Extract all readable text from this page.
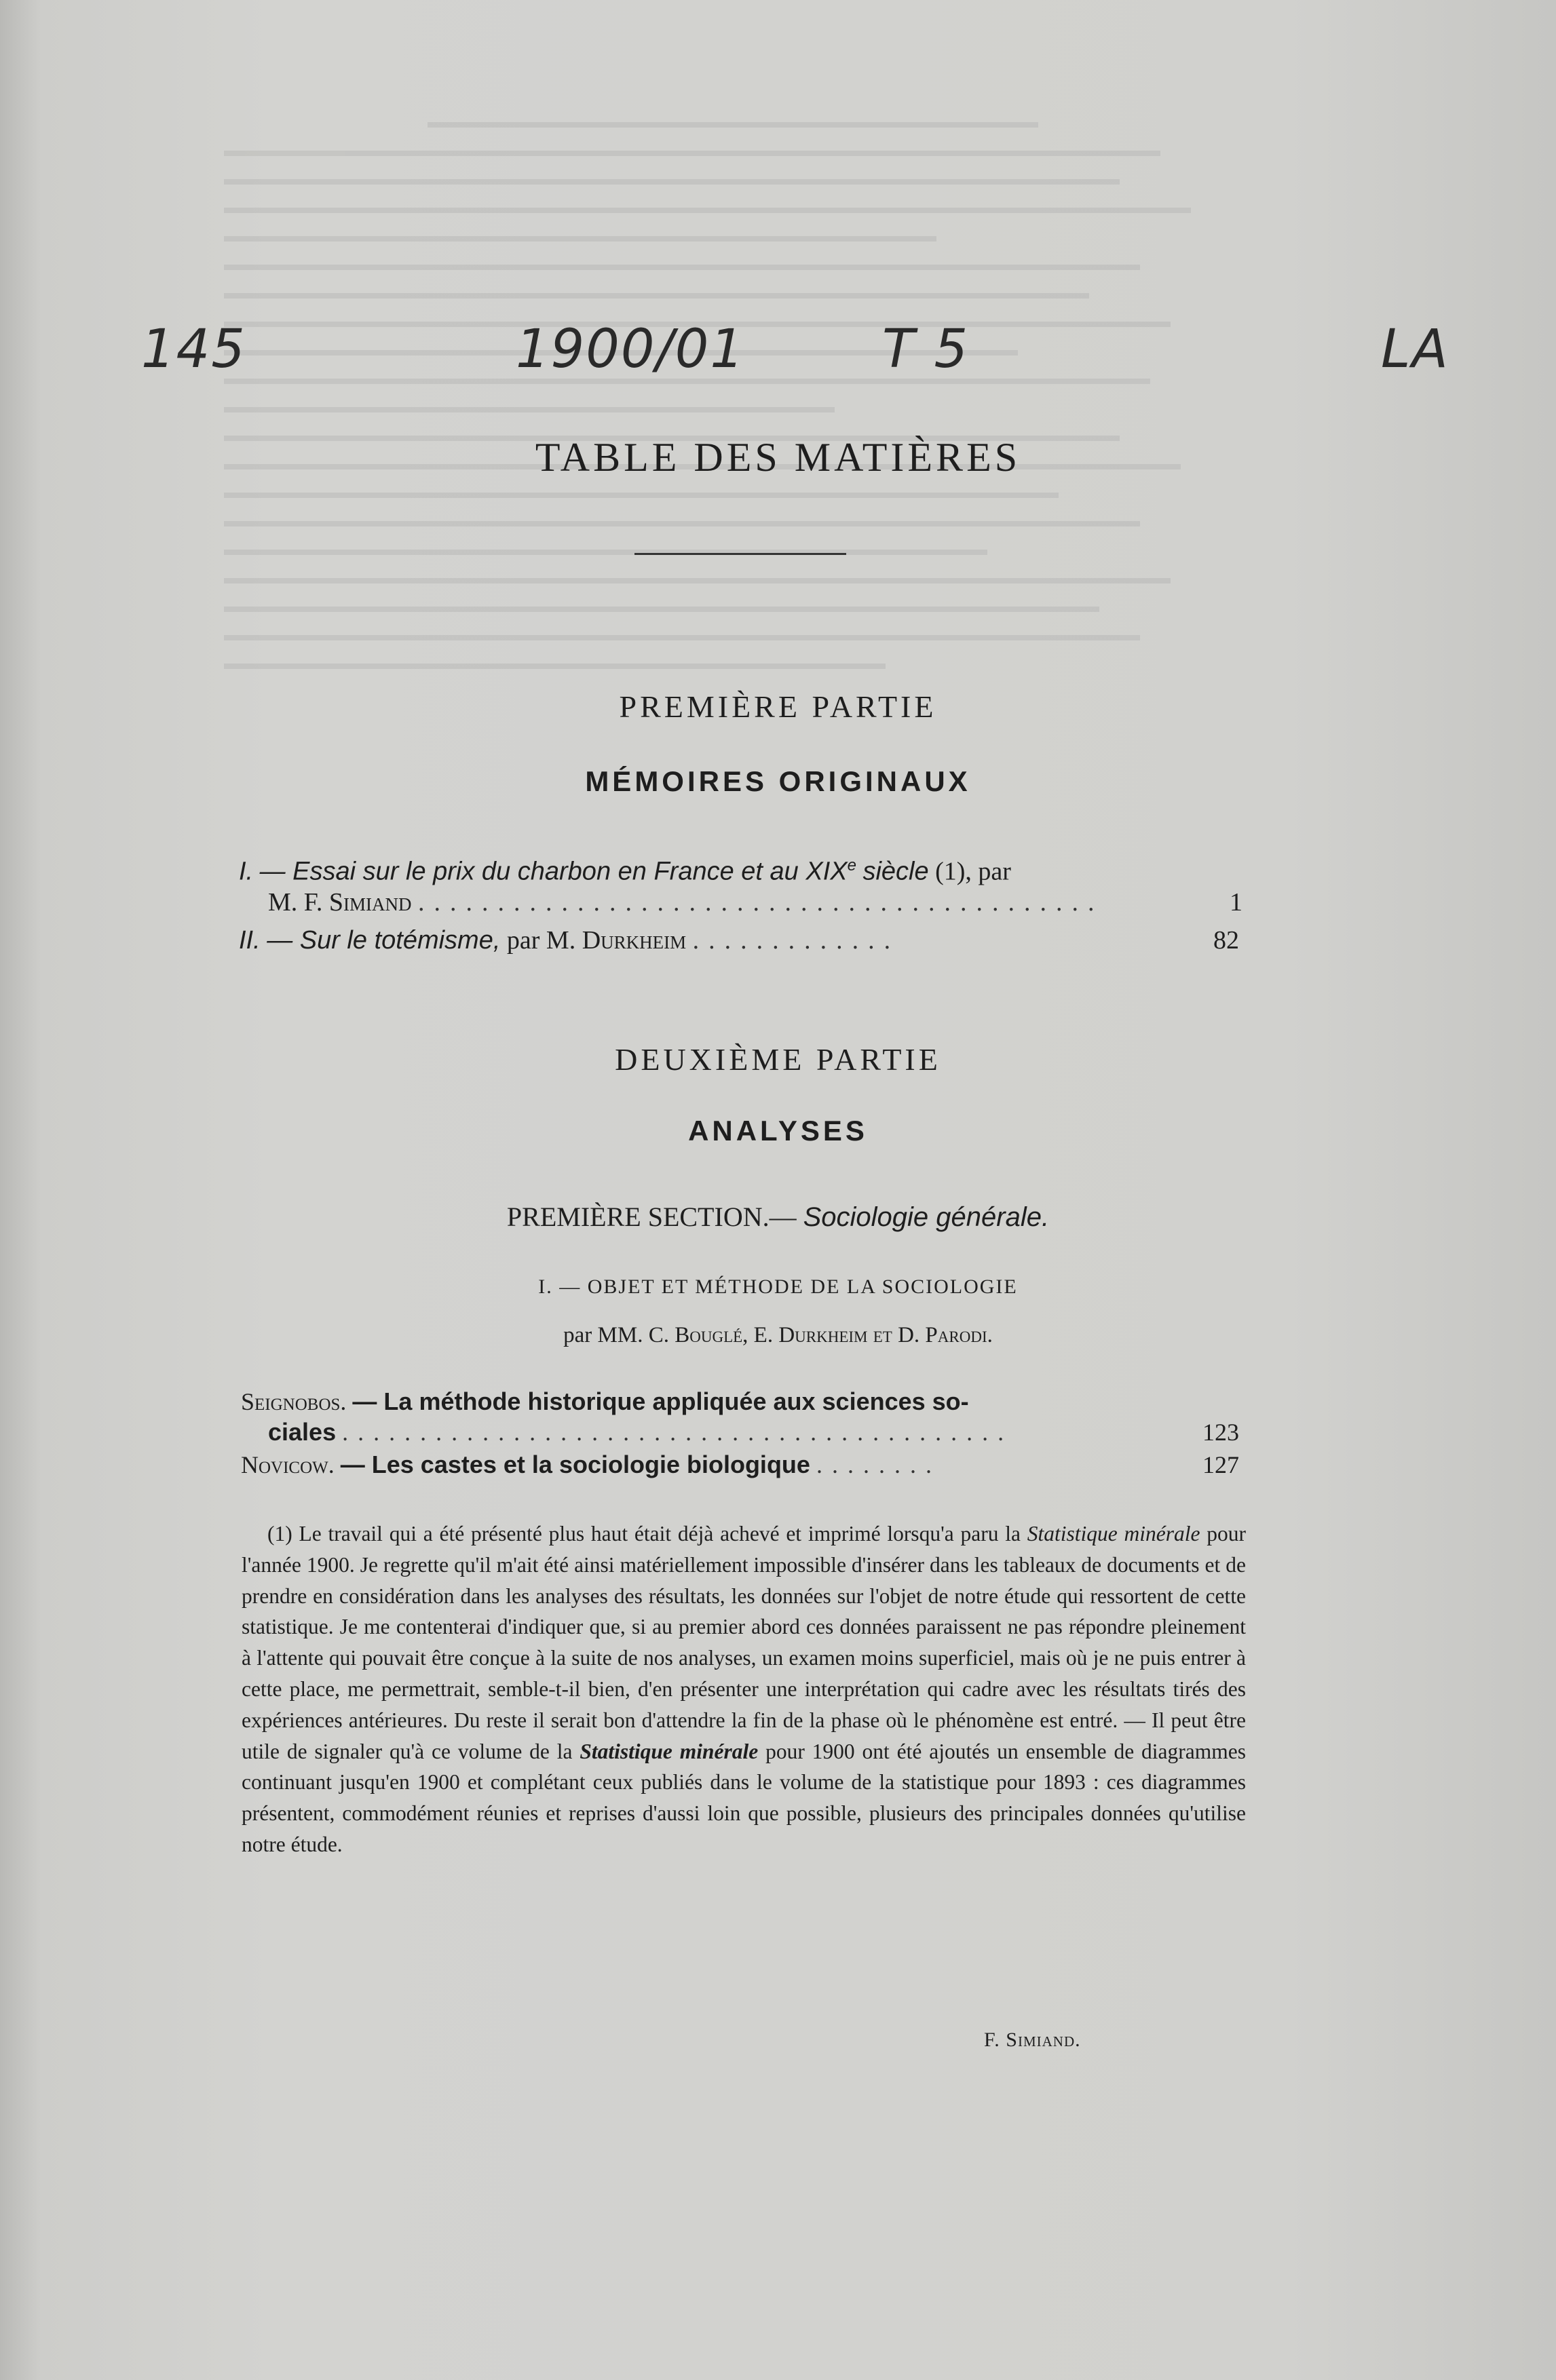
145	1900/01	T 5	LA
TABLE DES MATIÈRES
PREMIÈRE PARTIE
MÉMOIRES ORIGINAUX
I. — Essai sur le prix du charbon en France et au XIXe siècle (1), par
M. F. Simiand ...........................................	1
II. — Sur le totémisme, par M. Durkheim .............	82
DEUXIÈME PARTIE
ANALYSES
PREMIÈRE SECTION.— Sociologie générale.
I. — OBJET ET MÉTHODE DE LA SOCIOLOGIE
par MM. C. Bouglé, E. Durkheim et D. Parodi.
Seignobos. — La méthode historique appliquée aux sciences so-
ciales ...........................................	123
Novicow. — Les castes et la sociologie biologique ........	127

(1) Le travail qui a été présenté plus haut était déjà achevé et imprimé lorsqu'a paru la Statistique minérale pour l'année 1900. Je regrette qu'il m'ait été ainsi matériellement impossible d'insérer dans les tableaux de documents et de prendre en considération dans les analyses des résultats, les données sur l'objet de notre étude qui ressortent de cette statistique. Je me contenterai d'indiquer que, si au premier abord ces données paraissent ne pas répondre pleinement à l'attente qui pouvait être conçue à la suite de nos analyses, un examen moins superficiel, mais où je ne puis entrer à cette place, me permettrait, semble-t-il bien, d'en présenter une interprétation qui cadre avec les résultats tirés des expériences antérieures. Du reste il serait bon d'attendre la fin de la phase où le phénomène est entré. — Il peut être utile de signaler qu'à ce volume de la Statistique minérale pour 1900 ont été ajoutés un ensemble de diagrammes continuant jusqu'en 1900 et complétant ceux publiés dans le volume de la statistique pour 1893 : ces diagrammes présentent, commodément réunies et reprises d'aussi loin que possible, plusieurs des principales données qu'utilise notre étude.

F. Simiand.
